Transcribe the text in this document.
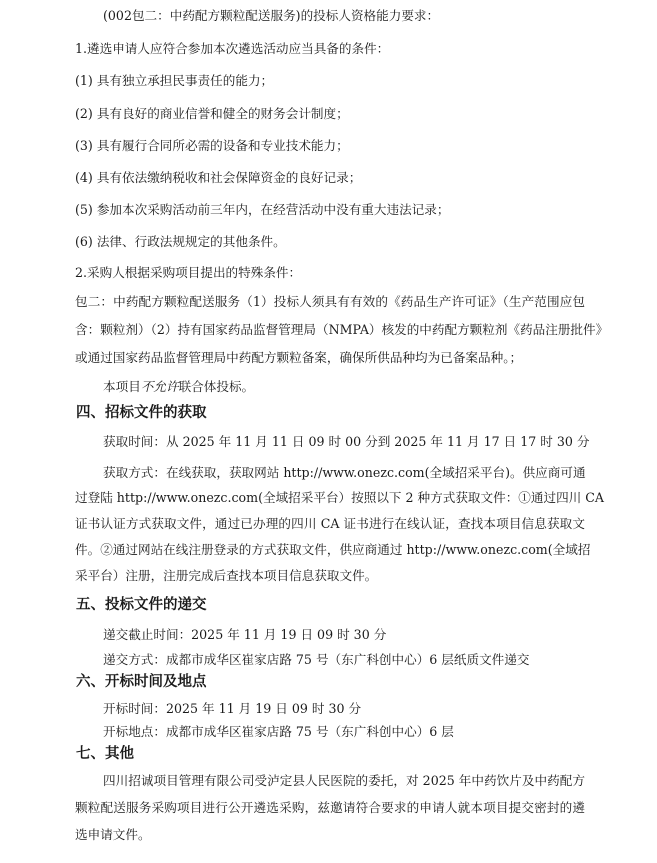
(002包二：中药配方颗粒配送服务)的投标人资格能力要求：
1.遴选申请人应符合参加本次遴选活动应当具备的条件：
(1) 具有独立承担民事责任的能力；
(2) 具有良好的商业信誉和健全的财务会计制度；
(3) 具有履行合同所必需的设备和专业技术能力；
(4) 具有依法缴纳税收和社会保障资金的良好记录；
(5) 参加本次采购活动前三年内，在经营活动中没有重大违法记录；
(6) 法律、行政法规规定的其他条件。
2.采购人根据采购项目提出的特殊条件：
包二：中药配方颗粒配送服务（1）投标人须具有有效的《药品生产许可证》（生产范围应包
含：颗粒剂）（2）持有国家药品监督管理局（NMPA）核发的中药配方颗粒剂《药品注册批件》
或通过国家药品监督管理局中药配方颗粒备案，确保所供品种均为已备案品种。；
本项目不允许联合体投标。
四、招标文件的获取
获取时间：从 2025 年 11 月 11 日 09 时 00 分到 2025 年 11 月 17 日 17 时 30 分
获取方式：在线获取，获取网站 http://www.onezc.com(全域招采平台)。供应商可通
过登陆 http://www.onezc.com(全域招采平台）按照以下 2 种方式获取文件：①通过四川 CA
证书认证方式获取文件，通过已办理的四川 CA 证书进行在线认证，查找本项目信息获取文
件。②通过网站在线注册登录的方式获取文件，供应商通过 http://www.onezc.com(全域招
采平台）注册，注册完成后查找本项目信息获取文件。
五、投标文件的递交
递交截止时间：2025 年 11 月 19 日 09 时 30 分
递交方式：成都市成华区崔家店路 75 号（东广科创中心）6 层纸质文件递交
六、开标时间及地点
开标时间：2025 年 11 月 19 日 09 时 30 分
开标地点：成都市成华区崔家店路 75 号（东广科创中心）6 层
七、其他
四川招诚项目管理有限公司受泸定县人民医院的委托，对 2025 年中药饮片及中药配方
颗粒配送服务采购项目进行公开遴选采购，兹邀请符合要求的申请人就本项目提交密封的遴
选申请文件。
